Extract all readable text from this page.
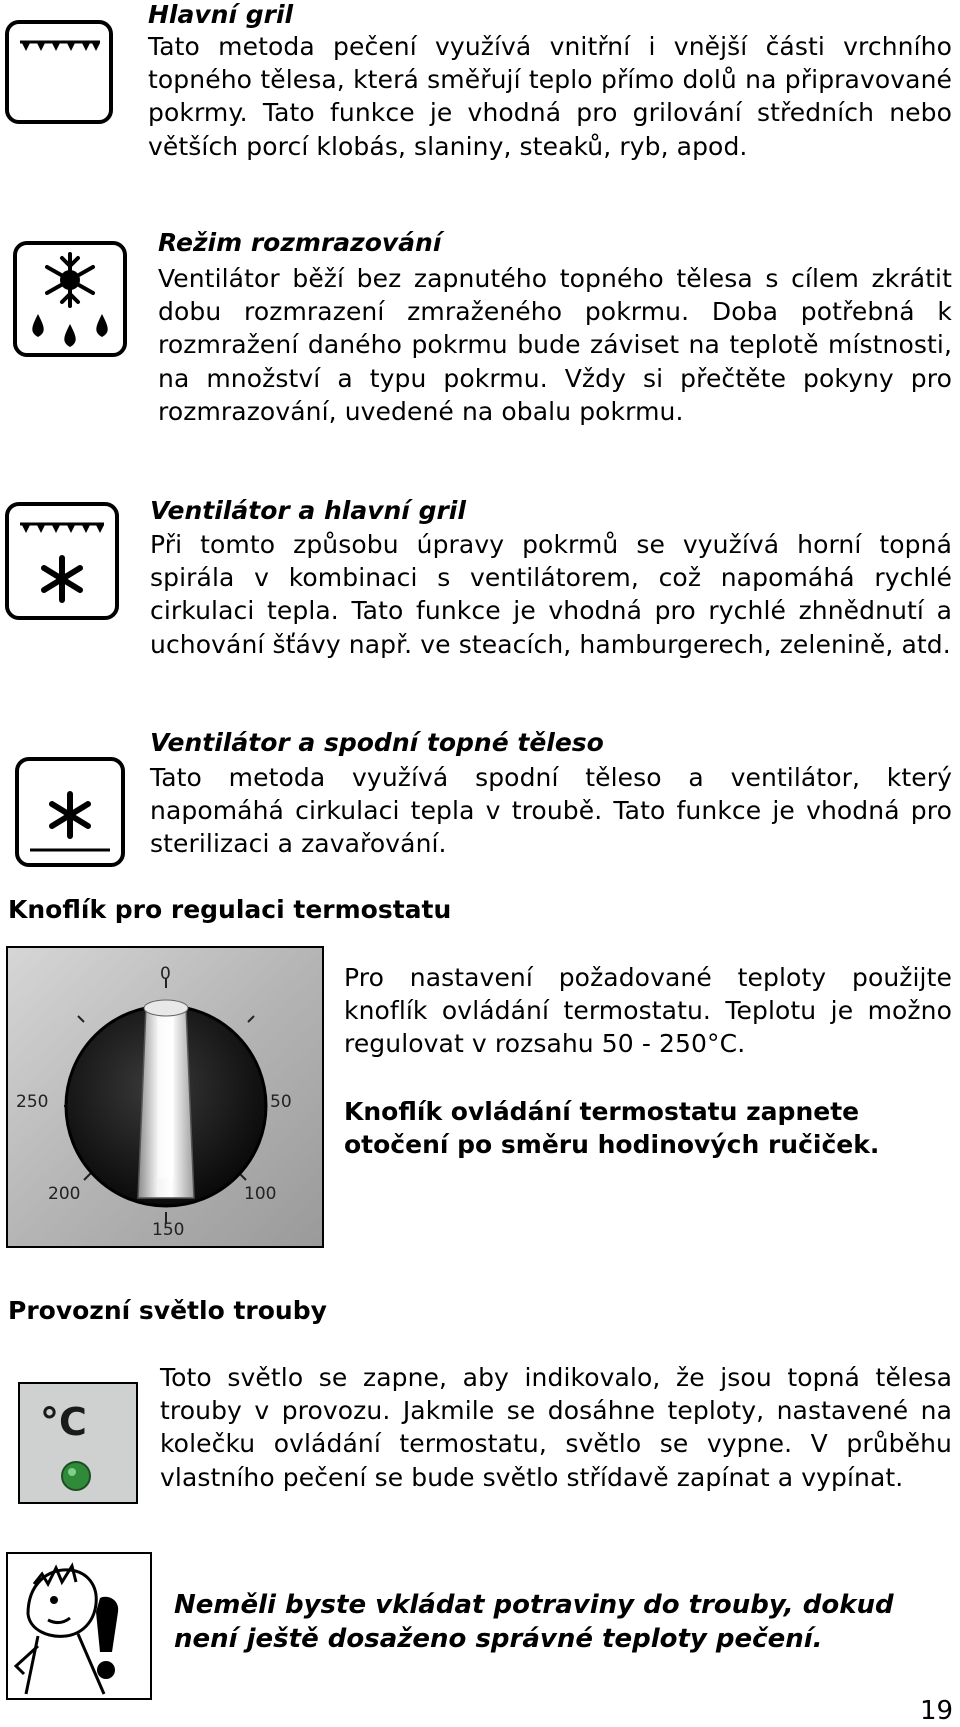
Hlavní gril
Tato metoda pečení využívá vnitřní i vnější části vrchního topného tělesa, která směřují teplo přímo dolů na připravované pokrmy. Tato funkce je vhodná pro grilování středních nebo větších porcí klobás, slaniny, steaků, ryb, apod.
Režim rozmrazování
Ventilátor běží bez zapnutého topného tělesa s cílem zkrátit dobu rozmrazení zmraženého pokrmu. Doba potřebná k rozmražení daného pokrmu bude záviset na teplotě místnosti, na množství a typu pokrmu. Vždy si přečtěte pokyny pro rozmrazování, uvedené na obalu pokrmu.
Ventilátor a hlavní gril
Při tomto způsobu úpravy pokrmů se využívá horní topná spirála v kombinaci s ventilátorem, což napomáhá rychlé cirkulaci tepla. Tato funkce je vhodná pro rychlé zhnědnutí a uchování šťávy např. ve steacích, hamburgerech, zelenině, atd.
Ventilátor a spodní topné těleso
Tato metoda využívá spodní těleso a ventilátor, který napomáhá cirkulaci tepla v troubě. Tato funkce je vhodná pro sterilizaci a zavařování.
Knoflík pro regulaci termostatu
0
50
100
150
200
250
Pro nastavení požadované teploty použijte knoflík ovládání termostatu. Teplotu je možno regulovat v rozsahu 50 - 250°C.
Knoflík ovládání termostatu zapnete otočení po směru hodinových ručiček.
Provozní světlo trouby
°C
Toto světlo se zapne, aby indikovalo, že jsou topná tělesa trouby v provozu. Jakmile se dosáhne teploty, nastavené na kolečku ovládání termostatu, světlo se vypne. V průběhu vlastního pečení se bude světlo střídavě zapínat a vypínat.
Neměli byste vkládat potraviny do trouby, dokud není ještě dosaženo správné teploty pečení.
19
